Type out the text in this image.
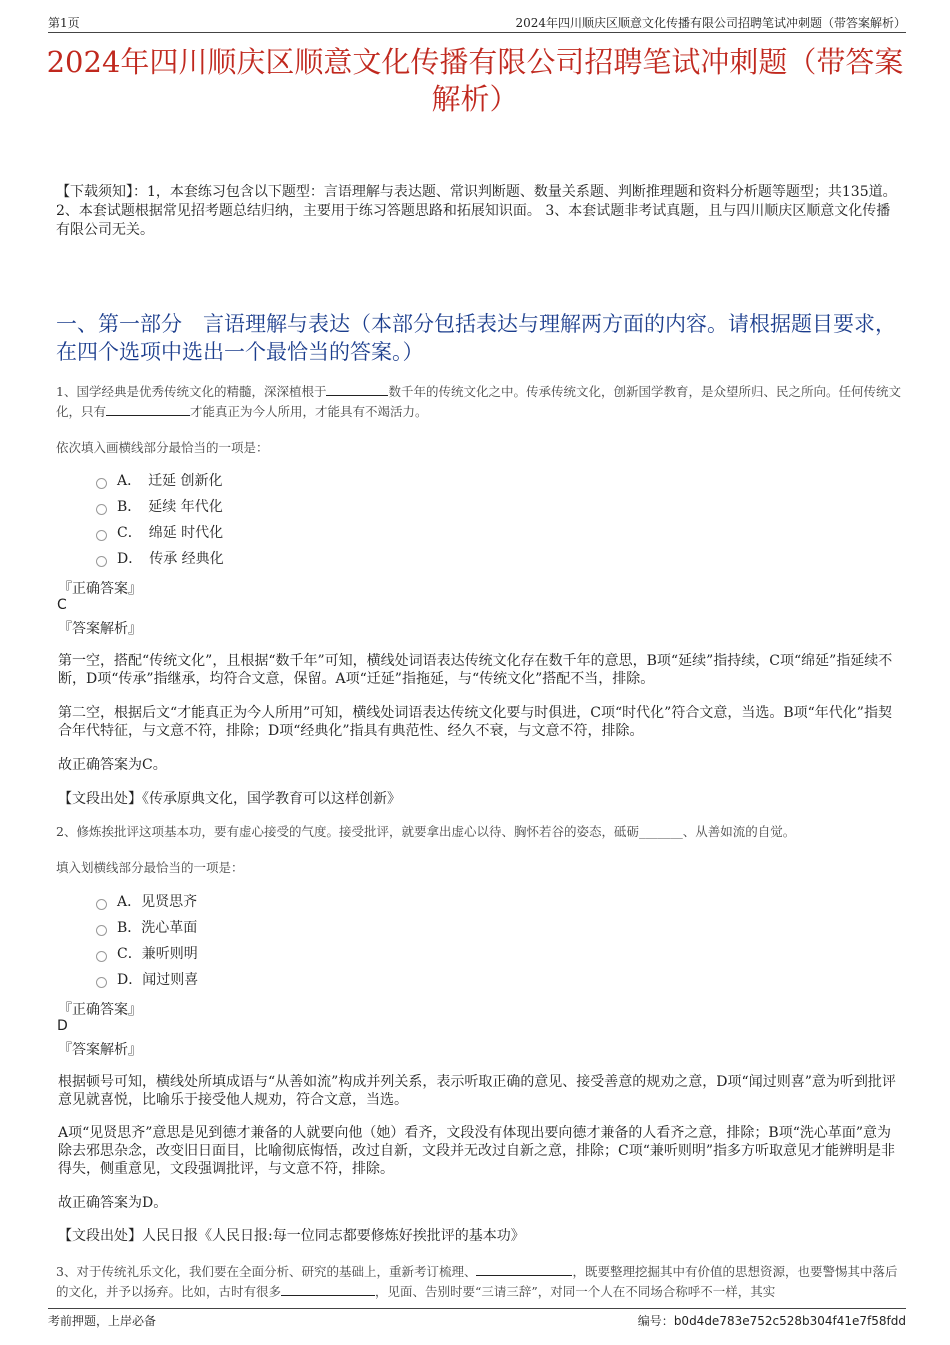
第1页	2024年四川顺庆区顺意文化传播有限公司招聘笔试冲刺题（带答案解析）
2024年四川顺庆区顺意文化传播有限公司招聘笔试冲刺题（带答案解析）
【下载须知】：1，本套练习包含以下题型：言语理解与表达题、常识判断题、数量关系题、判断推理题和资料分析题等题型；共135道。 2、本套试题根据常见招考题总结归纳，主要用于练习答题思路和拓展知识面。 3、本套试题非考试真题，且与四川顺庆区顺意文化传播有限公司无关。
一、第一部分　言语理解与表达（本部分包括表达与理解两方面的内容。请根据题目要求，在四个选项中选出一个最恰当的答案。）
1、国学经典是优秀传统文化的精髓，深深植根于	数千年的传统文化之中。传承传统文化，创新国学教育，是众望所归、民之所向。任何传统文化，只有	才能真正为今人所用，才能具有不竭活力。
依次填入画横线部分最恰当的一项是：
A．　迁延 创新化
B．　延续 年代化
C．　绵延 时代化
D．　传承 经典化
『正确答案』
C
『答案解析』
第一空，搭配“传统文化”，且根据“数千年”可知，横线处词语表达传统文化存在数千年的意思，B项“延续”指持续，C项“绵延”指延续不断，D项“传承”指继承，均符合文意，保留。A项“迁延”指拖延，与“传统文化”搭配不当，排除。
第二空，根据后文“才能真正为今人所用”可知，横线处词语表达传统文化要与时俱进，C项“时代化”符合文意，当选。B项“年代化”指契合年代特征，与文意不符，排除；D项“经典化”指具有典范性、经久不衰，与文意不符，排除。
故正确答案为C。
【文段出处】《传承原典文化，国学教育可以这样创新》
2、修炼挨批评这项基本功，要有虚心接受的气度。接受批评，就要拿出虚心以待、胸怀若谷的姿态，砥砺_______、从善如流的自觉。
填入划横线部分最恰当的一项是：
A．见贤思齐
B．洗心革面
C．兼听则明
D．闻过则喜
『正确答案』
D
『答案解析』
根据顿号可知，横线处所填成语与“从善如流”构成并列关系，表示听取正确的意见、接受善意的规劝之意，D项“闻过则喜”意为听到批评意见就喜悦，比喻乐于接受他人规劝，符合文意，当选。
A项“见贤思齐”意思是见到德才兼备的人就要向他（她）看齐，文段没有体现出要向德才兼备的人看齐之意，排除；B项“洗心革面”意为除去邪思杂念，改变旧日面目，比喻彻底悔悟，改过自新，文段并无改过自新之意，排除；C项“兼听则明”指多方听取意见才能辨明是非得失，侧重意见，文段强调批评，与文意不符，排除。
故正确答案为D。
【文段出处】人民日报《人民日报:每一位同志都要修炼好挨批评的基本功》
3、对于传统礼乐文化，我们要在全面分析、研究的基础上，重新考订梳理、	，既要整理挖掘其中有价值的思想资源，也要警惕其中落后的文化，并予以扬弃。比如，古时有很多	，见面、告别时要“三请三辞”，对同一个人在不同场合称呼不一样，其实
考前押题，上岸必备	编号：b0d4de783e752c528b304f41e7f58fdd
